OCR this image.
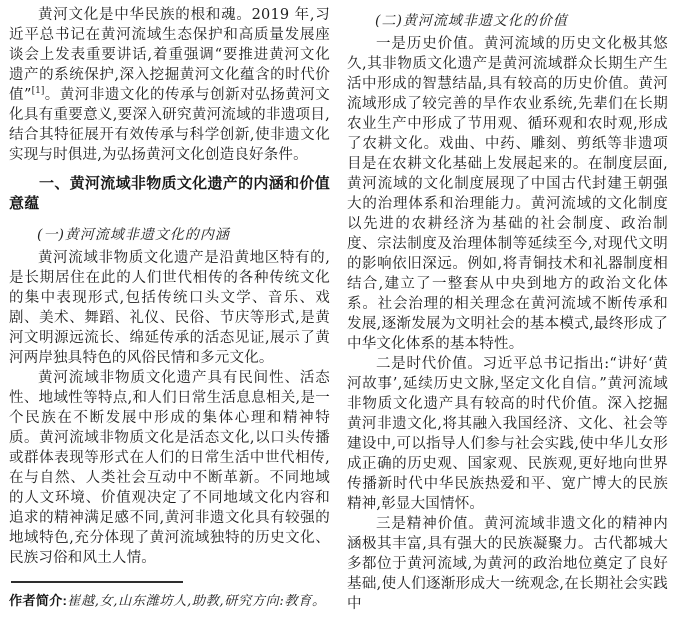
黄河文化是中华民族的根和魂。2019 年,习近平总书记在黄河流域生态保护和高质量发展座谈会上发表重要讲话,着重强调“要推进黄河文化遗产的系统保护,深入挖掘黄河文化蕴含的时代价值”[1]。黄河非遗文化的传承与创新对弘扬黄河文化具有重要意义,要深入研究黄河流域的非遗项目,结合其特征展开有效传承与科学创新,使非遗文化实现与时俱进,为弘扬黄河文化创造良好条件。

一、黄河流域非物质文化遗产的内涵和价值意蕴

(一)黄河流域非遗文化的内涵

黄河流域非物质文化遗产是沿黄地区特有的,是长期居住在此的人们世代相传的各种传统文化的集中表现形式,包括传统口头文学、音乐、戏剧、美术、舞蹈、礼仪、民俗、节庆等形式,是黄河文明源远流长、绵延传承的活态见证,展示了黄河两岸独具特色的风俗民情和多元文化。

黄河流域非物质文化遗产具有民间性、活态性、地域性等特点,和人们日常生活息息相关,是一个民族在不断发展中形成的集体心理和精神特质。黄河流域非物质文化是活态文化,以口头传播或群体表现等形式在人们的日常生活中世代相传,在与自然、人类社会互动中不断革新。不同地域的人文环境、价值观决定了不同地域文化内容和追求的精神满足感不同,黄河非遗文化具有较强的地域特色,充分体现了黄河流域独特的历史文化、民族习俗和风土人情。

作者简介:崔越,女,山东潍坊人,助教,研究方向:教育。

(二)黄河流域非遗文化的价值

一是历史价值。黄河流域的历史文化极其悠久,其非物质文化遗产是黄河流域群众长期生产生活中形成的智慧结晶,具有较高的历史价值。黄河流域形成了较完善的旱作农业系统,先辈们在长期农业生产中形成了节用观、循环观和农时观,形成了农耕文化。戏曲、中药、雕刻、剪纸等非遗项目是在农耕文化基础上发展起来的。在制度层面,黄河流域的文化制度展现了中国古代封建王朝强大的治理体系和治理能力。黄河流域的文化制度以先进的农耕经济为基础的社会制度、政治制度、宗法制度及治理体制等延续至今,对现代文明的影响依旧深远。例如,将青铜技术和礼器制度相结合,建立了一整套从中央到地方的政治文化体系。社会治理的相关理念在黄河流域不断传承和发展,逐渐发展为文明社会的基本模式,最终形成了中华文化体系的基本特性。

二是时代价值。习近平总书记指出:“讲好‘黄河故事’,延续历史文脉,坚定文化自信。”黄河流域非物质文化遗产具有较高的时代价值。深入挖掘黄河非遗文化,将其融入我国经济、文化、社会等建设中,可以指导人们参与社会实践,使中华儿女形成正确的历史观、国家观、民族观,更好地向世界传播新时代中华民族热爱和平、宽广博大的民族精神,彰显大国情怀。

三是精神价值。黄河流域非遗文化的精神内涵极其丰富,具有强大的民族凝聚力。古代都城大多都位于黄河流域,为黄河的政治地位奠定了良好基础,使人们逐渐形成大一统观念,在长期社会实践中
